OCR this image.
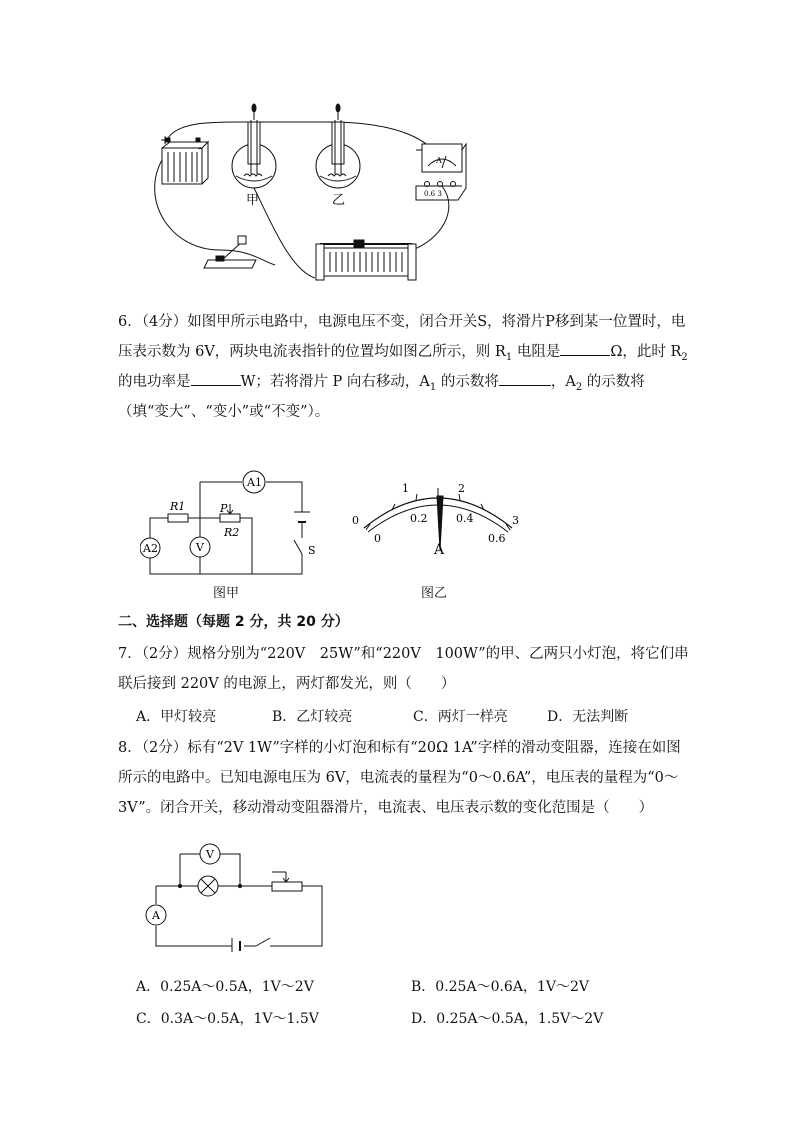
+
-
A
0.6 3
甲	乙
6．（4分）如图甲所示电路中，电源电压不变，闭合开关S，将滑片P移到某一位置时，电
压表示数为 6V，两块电流表指针的位置均如图乙所示，则 $R_1$ 电阻是	Ω，此时 $R_2$
的电功率是	W；若将滑片 P 向右移动，$A_1$ 的示数将	，$A_2$ 的示数将
（填“变大”、“变小”或“不变”）。
A1
A2	V
R1	P
R2
S
图甲
0
1	2
3
0
0.2	0.4
0.6
A
图乙
二、选择题（每题 2 分，共 20 分）
7．（2分）规格分别为“220V　25W”和“220V　100W”的甲、乙两只小灯泡，将它们串
联后接到 220V 的电源上，两灯都发光，则（　　）
A．甲灯较亮	B．乙灯较亮	C．两灯一样亮	D．无法判断
8．（2分）标有“2V 1W”字样的小灯泡和标有“20Ω 1A”字样的滑动变阻器，连接在如图
所示的电路中。已知电源电压为 6V，电流表的量程为“0～0.6A”，电压表的量程为“0～
3V”。闭合开关，移动滑动变阻器滑片，电流表、电压表示数的变化范围是（　　）
V
A
A．0.25A～0.5A，1V～2V	B．0.25A～0.6A，1V～2V
C．0.3A～0.5A，1V～1.5V	D．0.25A～0.5A，1.5V～2V
